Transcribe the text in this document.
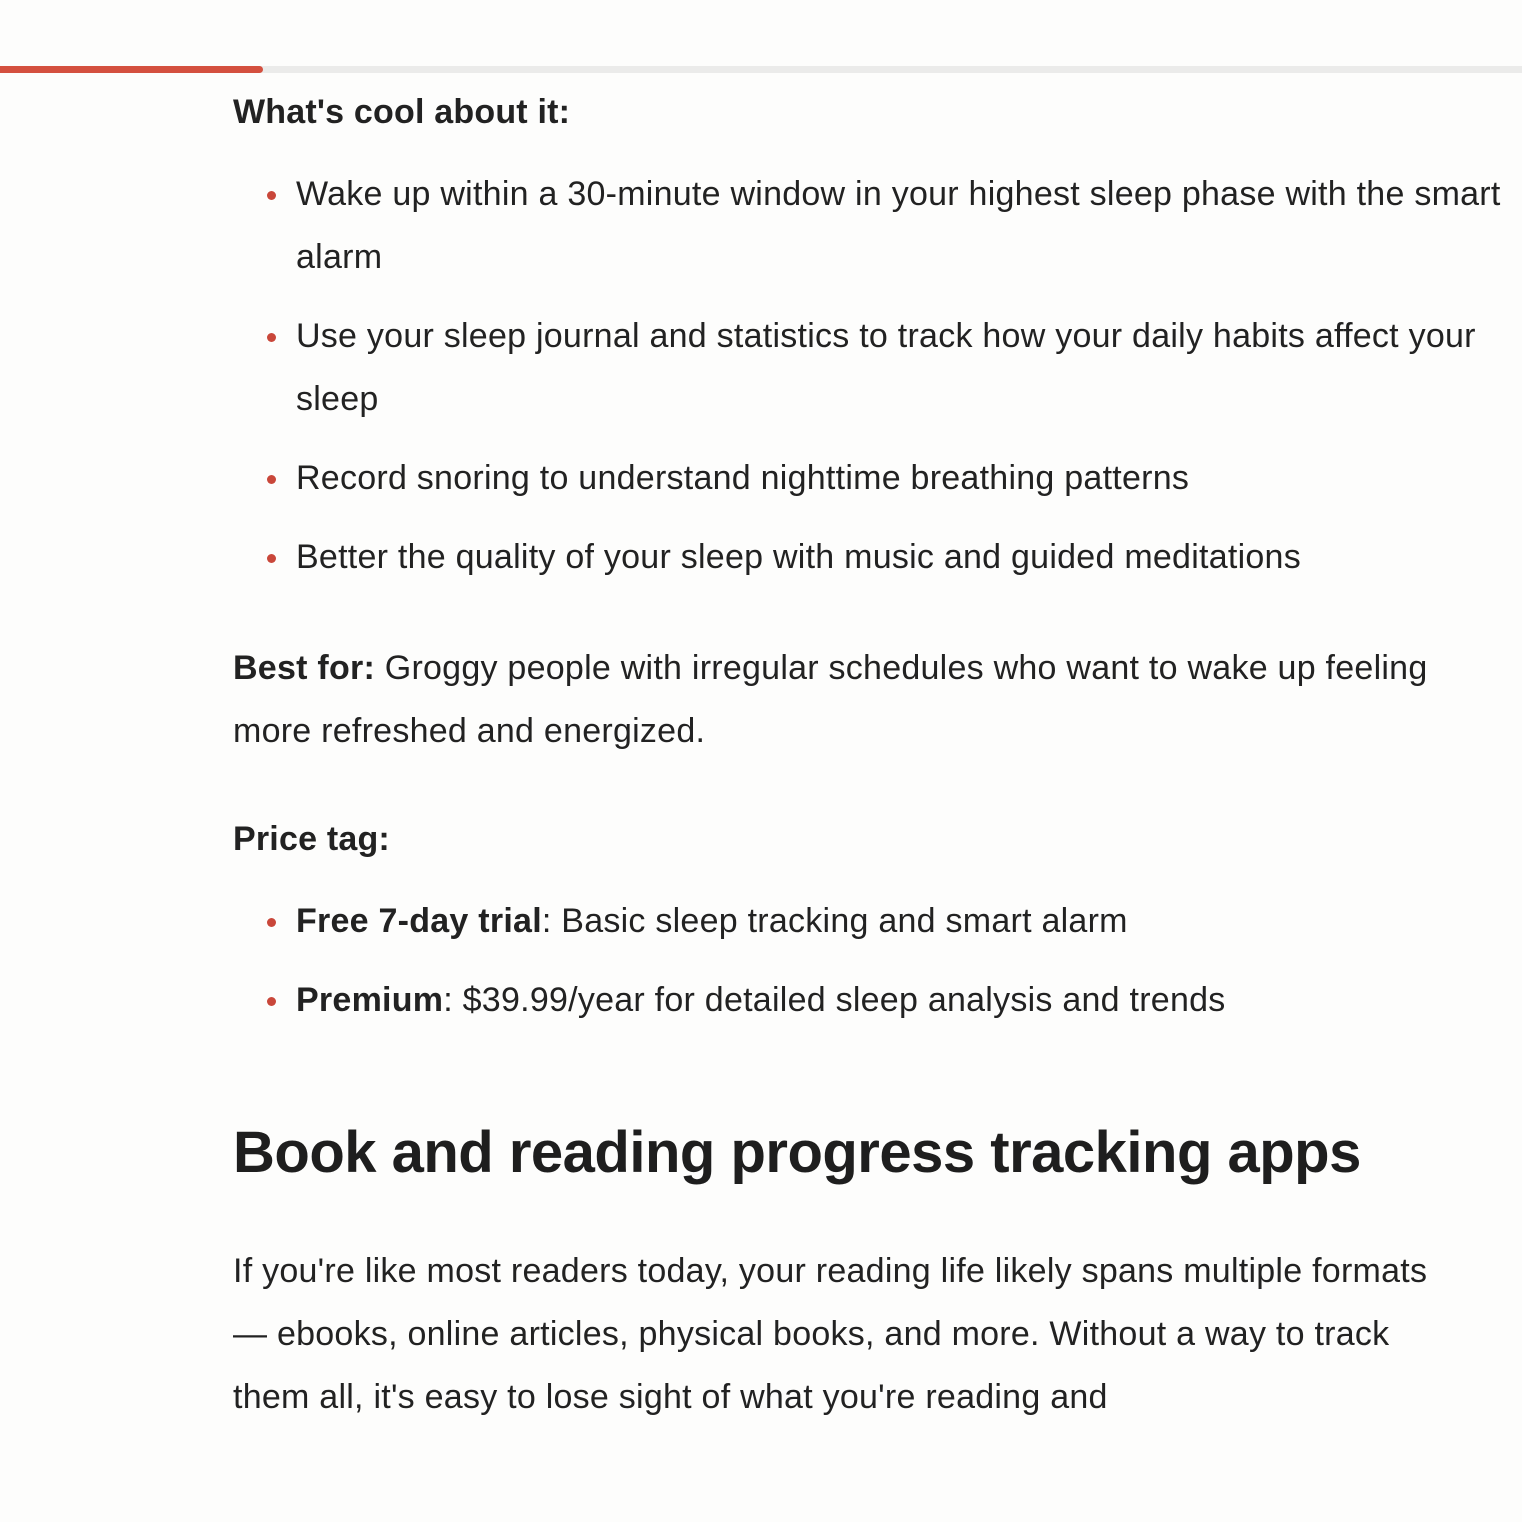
What's cool about it:
Wake up within a 30-minute window in your highest sleep phase with the smart alarm
Use your sleep journal and statistics to track how your daily habits affect your sleep
Record snoring to understand nighttime breathing patterns
Better the quality of your sleep with music and guided meditations

Best for: Groggy people with irregular schedules who want to wake up feeling more refreshed and energized.

Price tag:
Free 7-day trial: Basic sleep tracking and smart alarm
Premium: $39.99/year for detailed sleep analysis and trends
Book and reading progress tracking apps

If you're like most readers today, your reading life likely spans multiple formats — ebooks, online articles, physical books, and more. Without a way to track them all, it's easy to lose sight of what you're reading and
